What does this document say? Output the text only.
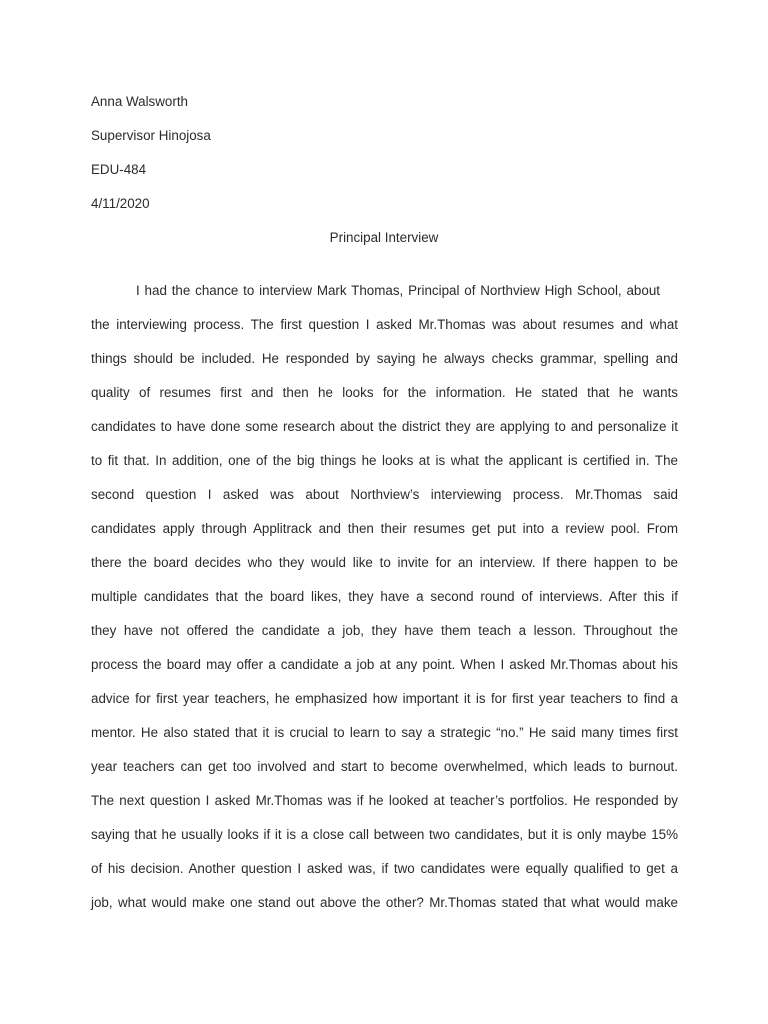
Anna Walsworth
Supervisor Hinojosa
EDU-484
4/11/2020
Principal Interview
I had the chance to interview Mark Thomas, Principal of Northview High School, about
the interviewing process. The first question I asked Mr.Thomas was about resumes and what
things should be included. He responded by saying he always checks grammar, spelling and
quality of resumes first and then he looks for the information. He stated that he wants
candidates to have done some research about the district they are applying to and personalize it
to fit that. In addition, one of the big things he looks at is what the applicant is certified in. The
second question I asked was about Northview’s interviewing process. Mr.Thomas said
candidates apply through Applitrack and then their resumes get put into a review pool. From
there the board decides who they would like to invite for an interview. If there happen to be
multiple candidates that the board likes, they have a second round of interviews. After this if
they have not offered the candidate a job, they have them teach a lesson. Throughout the
process the board may offer a candidate a job at any point. When I asked Mr.Thomas about his
advice for first year teachers, he emphasized how important it is for first year teachers to find a
mentor. He also stated that it is crucial to learn to say a strategic “no.” He said many times first
year teachers can get too involved and start to become overwhelmed, which leads to burnout.
The next question I asked Mr.Thomas was if he looked at teacher’s portfolios. He responded by
saying that he usually looks if it is a close call between two candidates, but it is only maybe 15%
of his decision. Another question I asked was, if two candidates were equally qualified to get a
job, what would make one stand out above the other? Mr.Thomas stated that what would make
